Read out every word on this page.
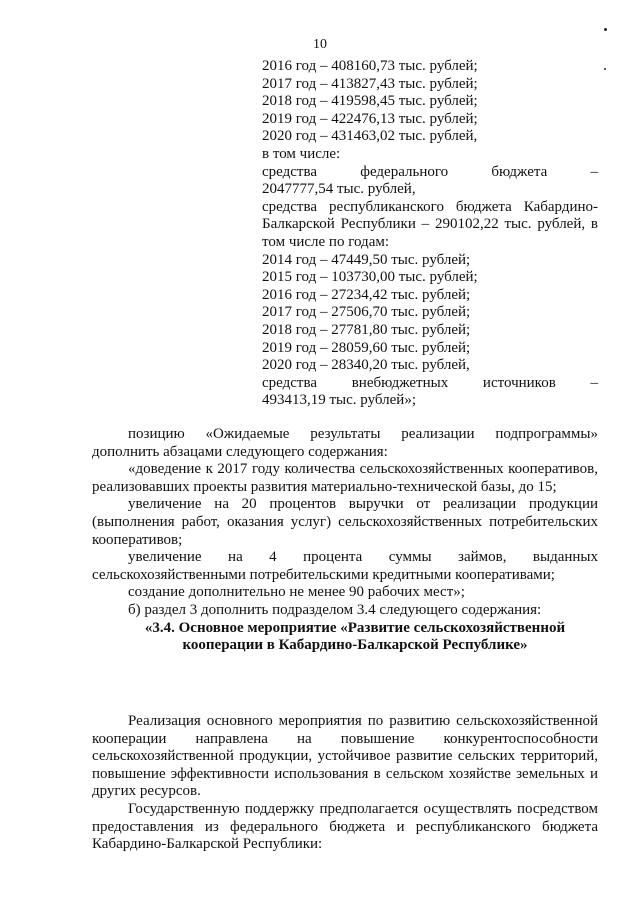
10
2016 год – 408160,73 тыс. рублей;
2017 год – 413827,43 тыс. рублей;
2018 год – 419598,45 тыс. рублей;
2019 год – 422476,13 тыс. рублей;
2020 год – 431463,02 тыс. рублей,
в том числе:
средства федерального бюджета –
2047777,54 тыс. рублей,
средства республиканского бюджета Кабардино-Балкарской Республики – 290102,22 тыс. рублей, в том числе по годам:
2014 год – 47449,50 тыс. рублей;
2015 год – 103730,00 тыс. рублей;
2016 год – 27234,42 тыс. рублей;
2017 год – 27506,70 тыс. рублей;
2018 год – 27781,80 тыс. рублей;
2019 год – 28059,60 тыс. рублей;
2020 год – 28340,20 тыс. рублей,
средства внебюджетных источников –
493413,19 тыс. рублей»;

позицию «Ожидаемые результаты реализации подпрограммы» дополнить абзацами следующего содержания:

«доведение к 2017 году количества сельскохозяйственных кооперативов, реализовавших проекты развития материально-технической базы, до 15;

увеличение на 20 процентов выручки от реализации продукции (выполнения работ, оказания услуг) сельскохозяйственных потребительских кооперативов;

увеличение на 4 процента суммы займов, выданных сельскохозяйственными потребительскими кредитными кооперативами;

создание дополнительно не менее 90 рабочих мест»;

б) раздел 3 дополнить подразделом 3.4 следующего содержания:

«3.4. Основное мероприятие «Развитие сельскохозяйственной

кооперации в Кабардино-Балкарской Республике»

Реализация основного мероприятия по развитию сельскохозяйственной кооперации направлена на повышение конкурентоспособности сельскохозяйственной продукции, устойчивое развитие сельских территорий, повышение эффективности использования в сельском хозяйстве земельных и других ресурсов.

Государственную поддержку предполагается осуществлять посредством предоставления из федерального бюджета и республиканского бюджета Кабардино-Балкарской Республики:
